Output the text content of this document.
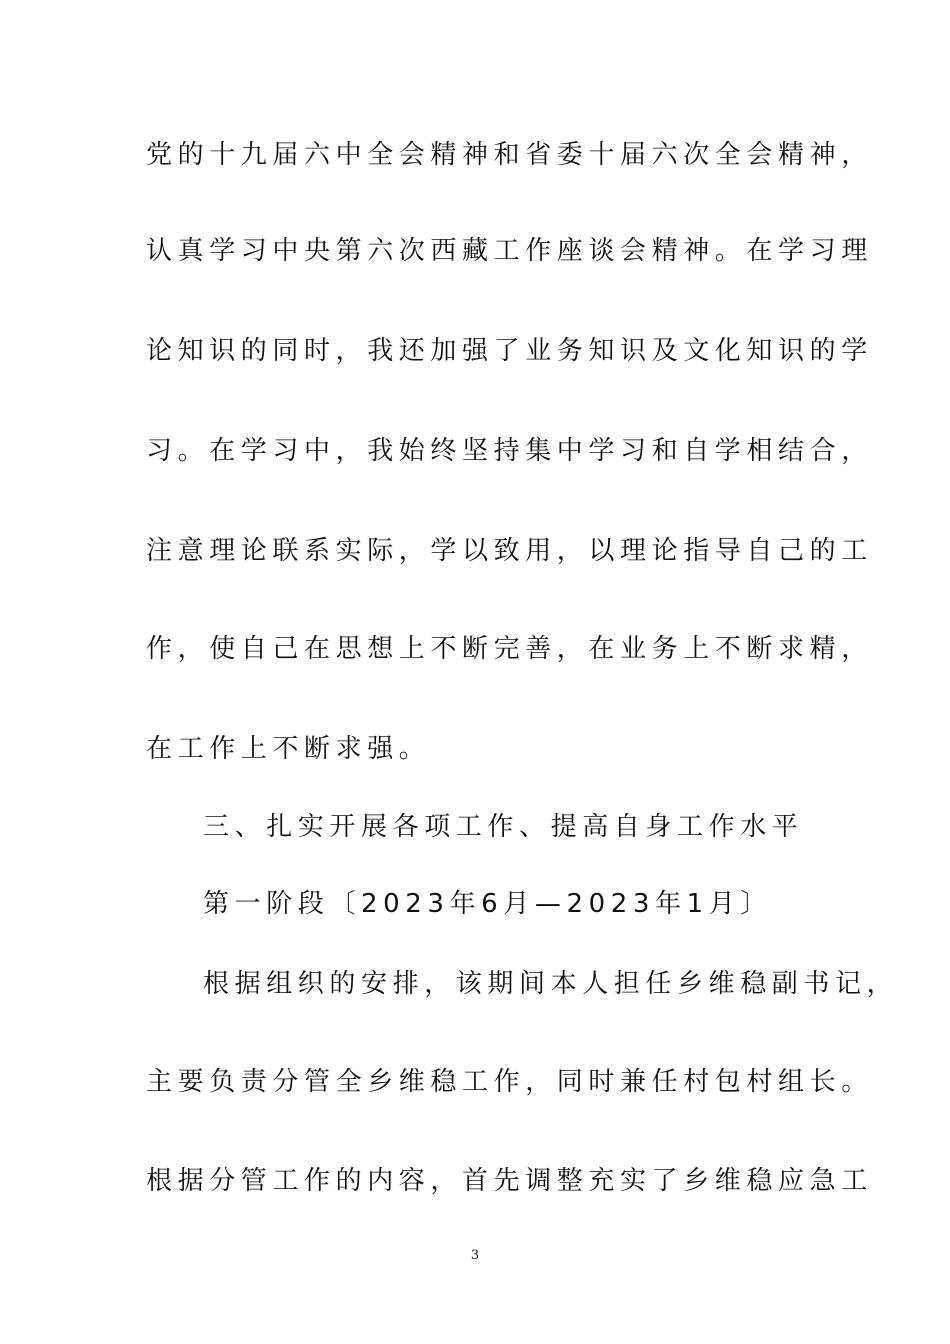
党的十九届六中全会精神和省委十届六次全会精神，
认真学习中央第六次西藏工作座谈会精神。在学习理
论知识的同时，我还加强了业务知识及文化知识的学
习。在学习中，我始终坚持集中学习和自学相结合，
注意理论联系实际，学以致用，以理论指导自己的工
作，使自己在思想上不断完善，在业务上不断求精，
在工作上不断求强。
三、扎实开展各项工作、提高自身工作水平
第一阶段〔2023年6月—2023年1月〕
根据组织的安排，该期间本人担任乡维稳副书记，
主要负责分管全乡维稳工作，同时兼任村包村组长。
根据分管工作的内容，首先调整充实了乡维稳应急工
3
